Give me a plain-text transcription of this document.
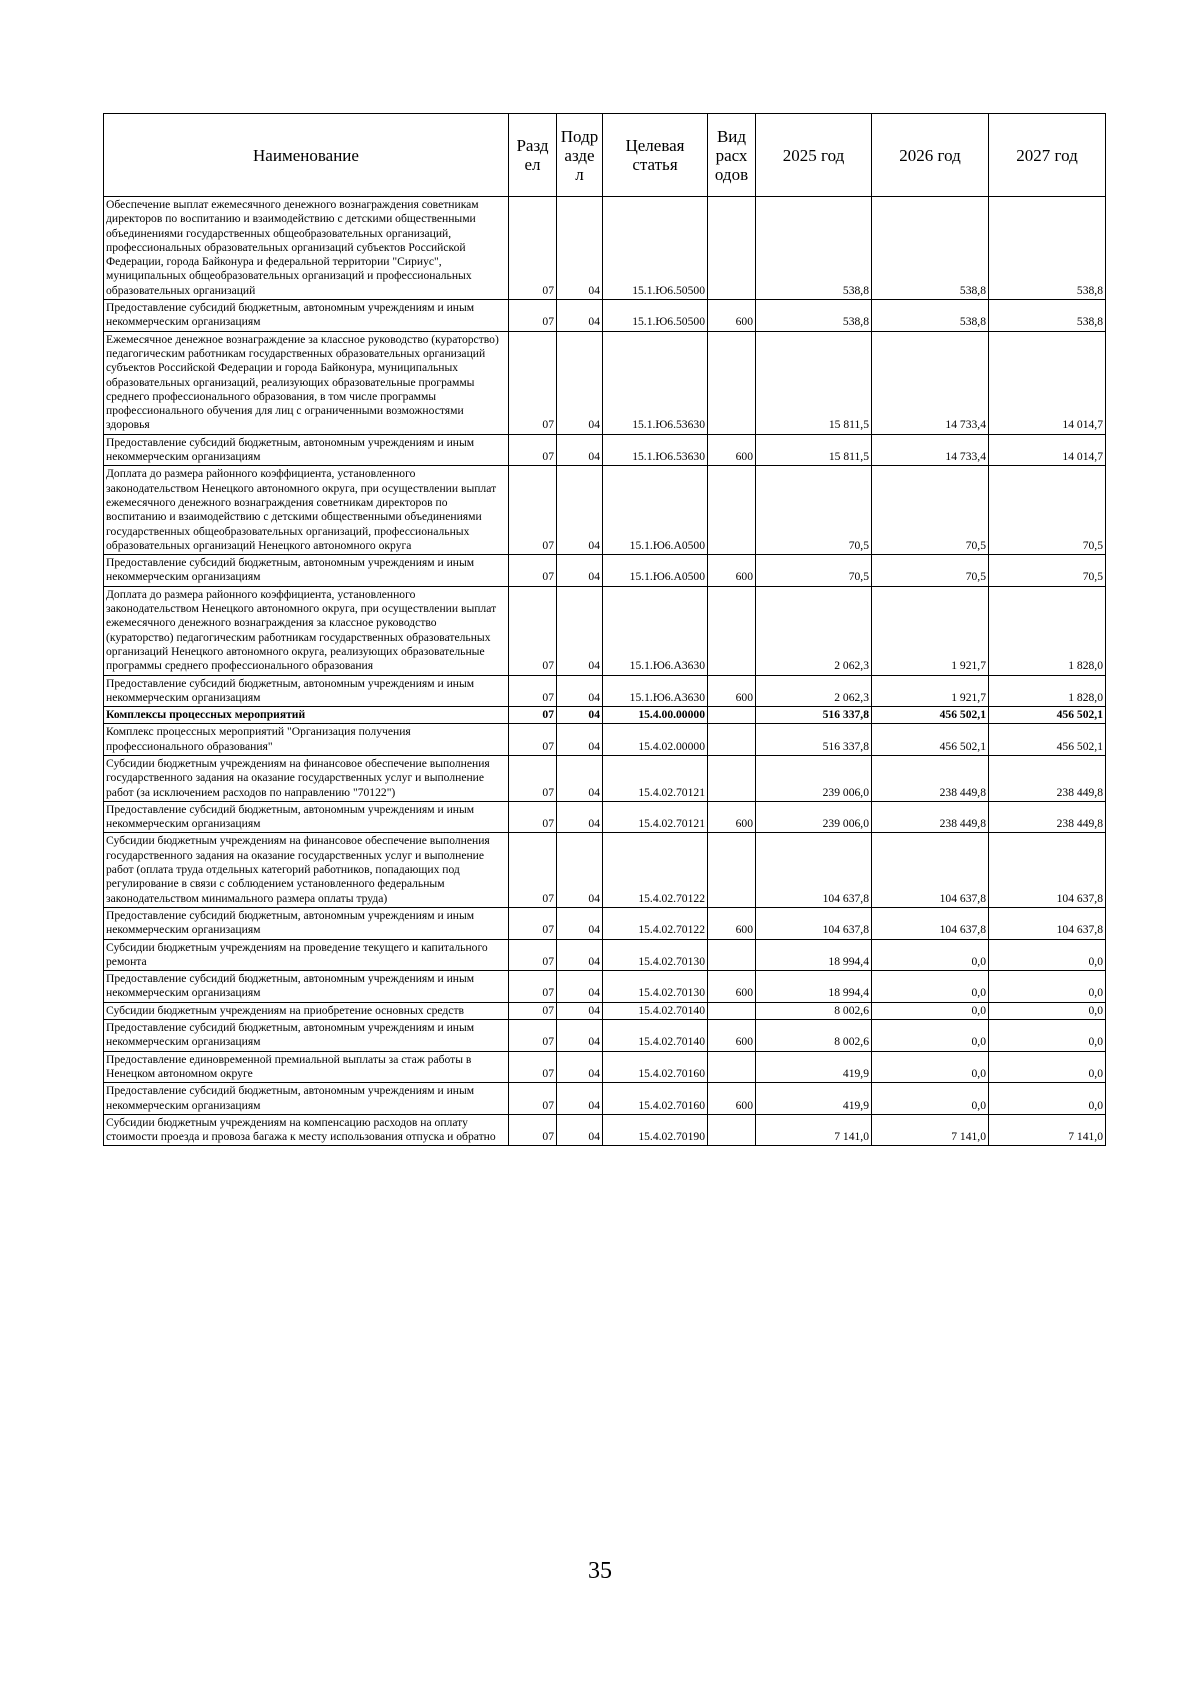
Наименование	Разд ел	Подр азде л	Целевая статья	Вид расх одов	2025 год	2026 год	2027 год
Обеспечение выплат ежемесячного денежного вознаграждения советникам директоров по воспитанию и взаимодействию с детскими общественными объединениями государственных общеобразовательных организаций, профессиональных образовательных организаций субъектов Российской Федерации, города Байконура и федеральной территории "Сириус", муниципальных общеобразовательных организаций и профессиональных образовательных организаций	07	04	15.1.Ю6.50500		538,8	538,8	538,8
Предоставление субсидий бюджетным, автономным учреждениям и иным некоммерческим организациям	07	04	15.1.Ю6.50500	600	538,8	538,8	538,8
Ежемесячное денежное вознаграждение за классное руководство (кураторство) педагогическим работникам государственных образовательных организаций субъектов Российской Федерации и города Байконура, муниципальных образовательных организаций, реализующих образовательные программы среднего профессионального образования, в том числе программы профессионального обучения для лиц с ограниченными возможностями здоровья	07	04	15.1.Ю6.53630		15 811,5	14 733,4	14 014,7
Предоставление субсидий бюджетным, автономным учреждениям и иным некоммерческим организациям	07	04	15.1.Ю6.53630	600	15 811,5	14 733,4	14 014,7
Доплата до размера районного коэффициента, установленного законодательством Ненецкого автономного округа, при осуществлении выплат ежемесячного денежного вознаграждения советникам директоров по воспитанию и взаимодействию с детскими общественными объединениями государственных общеобразовательных организаций, профессиональных образовательных организаций Ненецкого автономного округа	07	04	15.1.Ю6.А0500		70,5	70,5	70,5
Предоставление субсидий бюджетным, автономным учреждениям и иным некоммерческим организациям	07	04	15.1.Ю6.А0500	600	70,5	70,5	70,5
Доплата до размера районного коэффициента, установленного законодательством Ненецкого автономного округа, при осуществлении выплат ежемесячного денежного вознаграждения за классное руководство (кураторство) педагогическим работникам государственных образовательных организаций Ненецкого автономного округа, реализующих образовательные программы среднего профессионального образования	07	04	15.1.Ю6.А3630		2 062,3	1 921,7	1 828,0
Предоставление субсидий бюджетным, автономным учреждениям и иным некоммерческим организациям	07	04	15.1.Ю6.А3630	600	2 062,3	1 921,7	1 828,0
Комплексы процессных мероприятий	07	04	15.4.00.00000		516 337,8	456 502,1	456 502,1
Комплекс процессных мероприятий "Организация получения профессионального образования"	07	04	15.4.02.00000		516 337,8	456 502,1	456 502,1
Субсидии бюджетным учреждениям на финансовое обеспечение выполнения государственного задания на оказание государственных услуг и выполнение работ (за исключением расходов по направлению "70122")	07	04	15.4.02.70121		239 006,0	238 449,8	238 449,8
Предоставление субсидий бюджетным, автономным учреждениям и иным некоммерческим организациям	07	04	15.4.02.70121	600	239 006,0	238 449,8	238 449,8
Субсидии бюджетным учреждениям на финансовое обеспечение выполнения государственного задания на оказание государственных услуг и выполнение работ (оплата труда отдельных категорий работников, попадающих под регулирование в связи с соблюдением установленного федеральным законодательством минимального размера оплаты труда)	07	04	15.4.02.70122		104 637,8	104 637,8	104 637,8
Предоставление субсидий бюджетным, автономным учреждениям и иным некоммерческим организациям	07	04	15.4.02.70122	600	104 637,8	104 637,8	104 637,8
Субсидии бюджетным учреждениям на проведение текущего и капитального ремонта	07	04	15.4.02.70130		18 994,4	0,0	0,0
Предоставление субсидий бюджетным, автономным учреждениям и иным некоммерческим организациям	07	04	15.4.02.70130	600	18 994,4	0,0	0,0
Субсидии бюджетным учреждениям на приобретение основных средств	07	04	15.4.02.70140		8 002,6	0,0	0,0
Предоставление субсидий бюджетным, автономным учреждениям и иным некоммерческим организациям	07	04	15.4.02.70140	600	8 002,6	0,0	0,0
Предоставление единовременной премиальной выплаты за стаж работы в Ненецком автономном округе	07	04	15.4.02.70160		419,9	0,0	0,0
Предоставление субсидий бюджетным, автономным учреждениям и иным некоммерческим организациям	07	04	15.4.02.70160	600	419,9	0,0	0,0
Субсидии бюджетным учреждениям на компенсацию расходов на оплату стоимости проезда и провоза багажа к месту использования отпуска и обратно	07	04	15.4.02.70190		7 141,0	7 141,0	7 141,0
35
